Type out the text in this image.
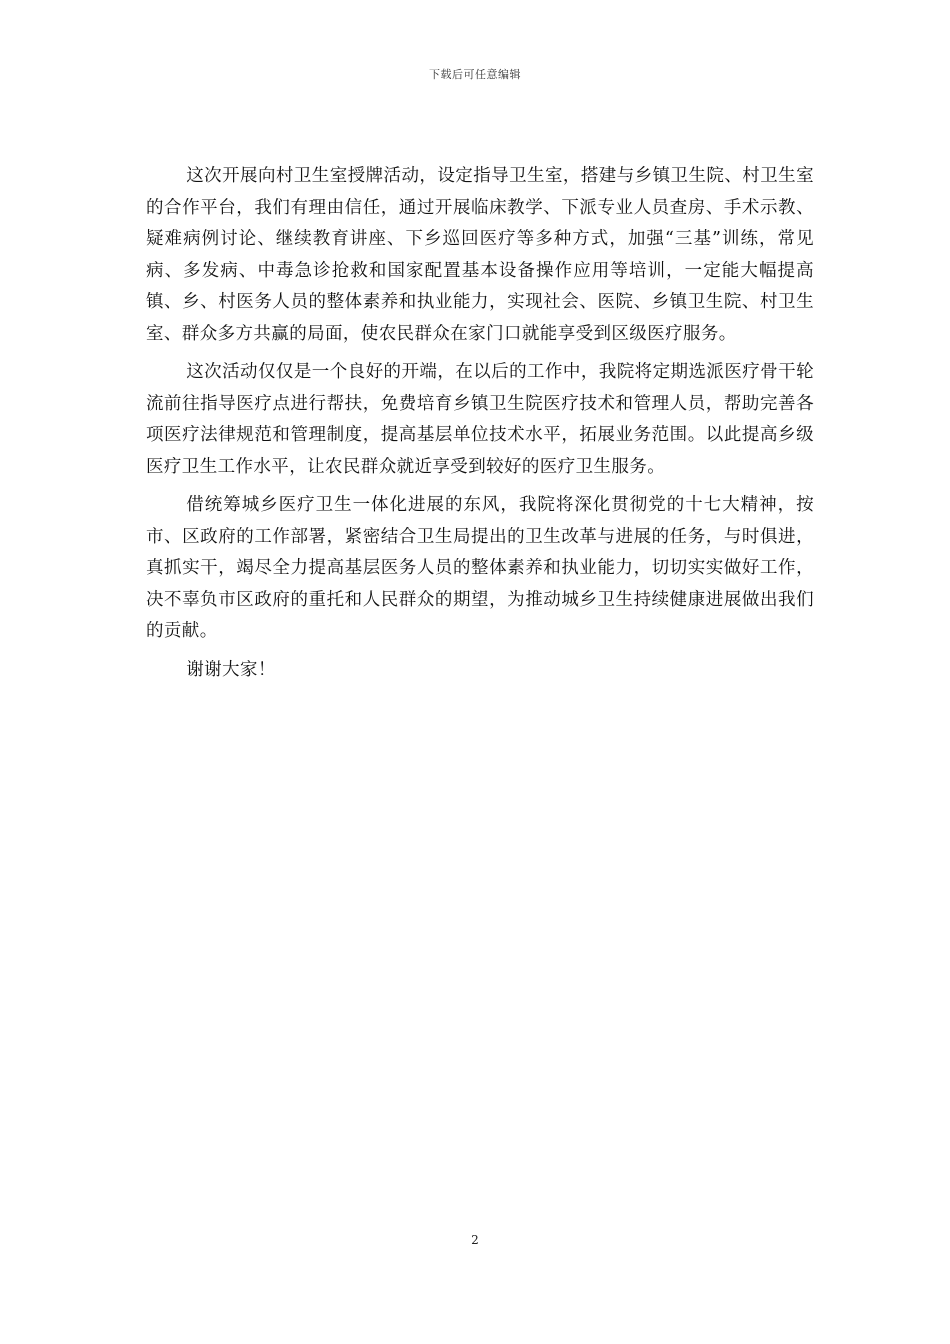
下载后可任意编辑

这次开展向村卫生室授牌活动，设定指导卫生室，搭建与乡镇卫生院、村卫生室的合作平台，我们有理由信任，通过开展临床教学、下派专业人员查房、手术示教、疑难病例讨论、继续教育讲座、下乡巡回医疗等多种方式，加强“三基”训练，常见病、多发病、中毒急诊抢救和国家配置基本设备操作应用等培训，一定能大幅提高镇、乡、村医务人员的整体素养和执业能力，实现社会、医院、乡镇卫生院、村卫生室、群众多方共赢的局面，使农民群众在家门口就能享受到区级医疗服务。

这次活动仅仅是一个良好的开端，在以后的工作中，我院将定期选派医疗骨干轮流前往指导医疗点进行帮扶，免费培育乡镇卫生院医疗技术和管理人员，帮助完善各项医疗法律规范和管理制度，提高基层单位技术水平，拓展业务范围。以此提高乡级医疗卫生工作水平，让农民群众就近享受到较好的医疗卫生服务。

借统筹城乡医疗卫生一体化进展的东风，我院将深化贯彻党的十七大精神，按市、区政府的工作部署，紧密结合卫生局提出的卫生改革与进展的任务，与时俱进，真抓实干，竭尽全力提高基层医务人员的整体素养和执业能力，切切实实做好工作，决不辜负市区政府的重托和人民群众的期望，为推动城乡卫生持续健康进展做出我们的贡献。

谢谢大家！

2
